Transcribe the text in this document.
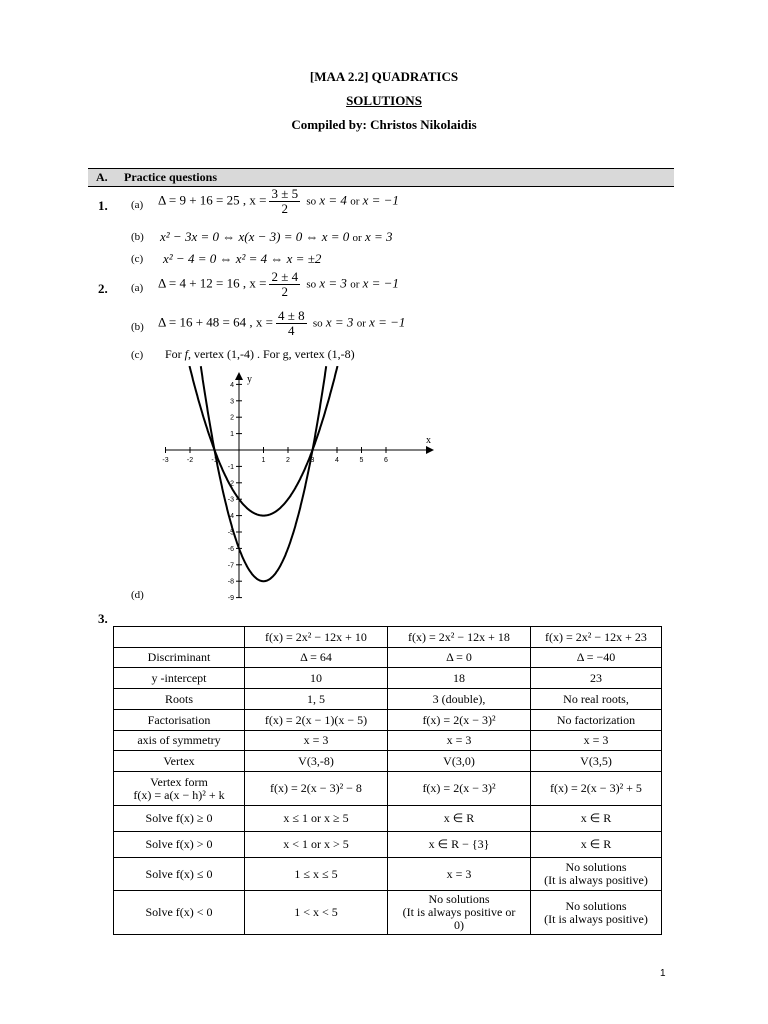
[MAA 2.2] QUADRATICS
SOLUTIONS
Compiled by: Christos Nikolaidis
A. Practice questions
1. (a) Δ = 9 + 16 = 25 , $x = \frac{3 \pm 5}{2}$ so x = 4 or x = −1
(b) x² − 3x = 0 ⇔ x(x − 3) = 0 ⇔ x = 0 or x = 3
(c) x² − 4 = 0 ⇔ x² = 4 ⇔ x = ±2
2. (a) Δ = 4 + 12 = 16 , $x = \frac{2 \pm 4}{2}$ so x = 3 or x = −1
(b) Δ = 16 + 48 = 64 , $x = \frac{4 \pm 8}{4}$ so x = 3 or x = −1
(c) For f, vertex (1,-4) . For g, vertex (1,-8)
x
y
-3	-2	-1	1	2	3	4	5	6
4
3
2
1
-1
-2
-3
-4
-5
-6
-7
-8
-9
(d)
3.
	f(x) = 2x² − 12x + 10	f(x) = 2x² − 12x + 18	f(x) = 2x² − 12x + 23
Discriminant	Δ = 64	Δ = 0	Δ = −40
y -intercept	10	18	23
Roots	1, 5	3 (double),	No real roots,
Factorisation	f(x) = 2(x − 1)(x − 5)	f(x) = 2(x − 3)²	No factorization
axis of symmetry	x = 3	x = 3	x = 3
Vertex	V(3,-8)	V(3,0)	V(3,5)
Vertex form
f(x) = a(x − h)² + k	f(x) = 2(x − 3)² − 8	f(x) = 2(x − 3)²	f(x) = 2(x − 3)² + 5
Solve f(x) ≥ 0	x ≤ 1 or x ≥ 5	x ∈ R	x ∈ R
Solve f(x) > 0	x < 1 or x > 5	x ∈ R − {3}	x ∈ R
Solve f(x) ≤ 0	1 ≤ x ≤ 5	x = 3	No solutions
(It is always positive)
Solve f(x) < 0	1 < x < 5	No solutions
(It is always positive or
0)	No solutions
(It is always positive)
1
